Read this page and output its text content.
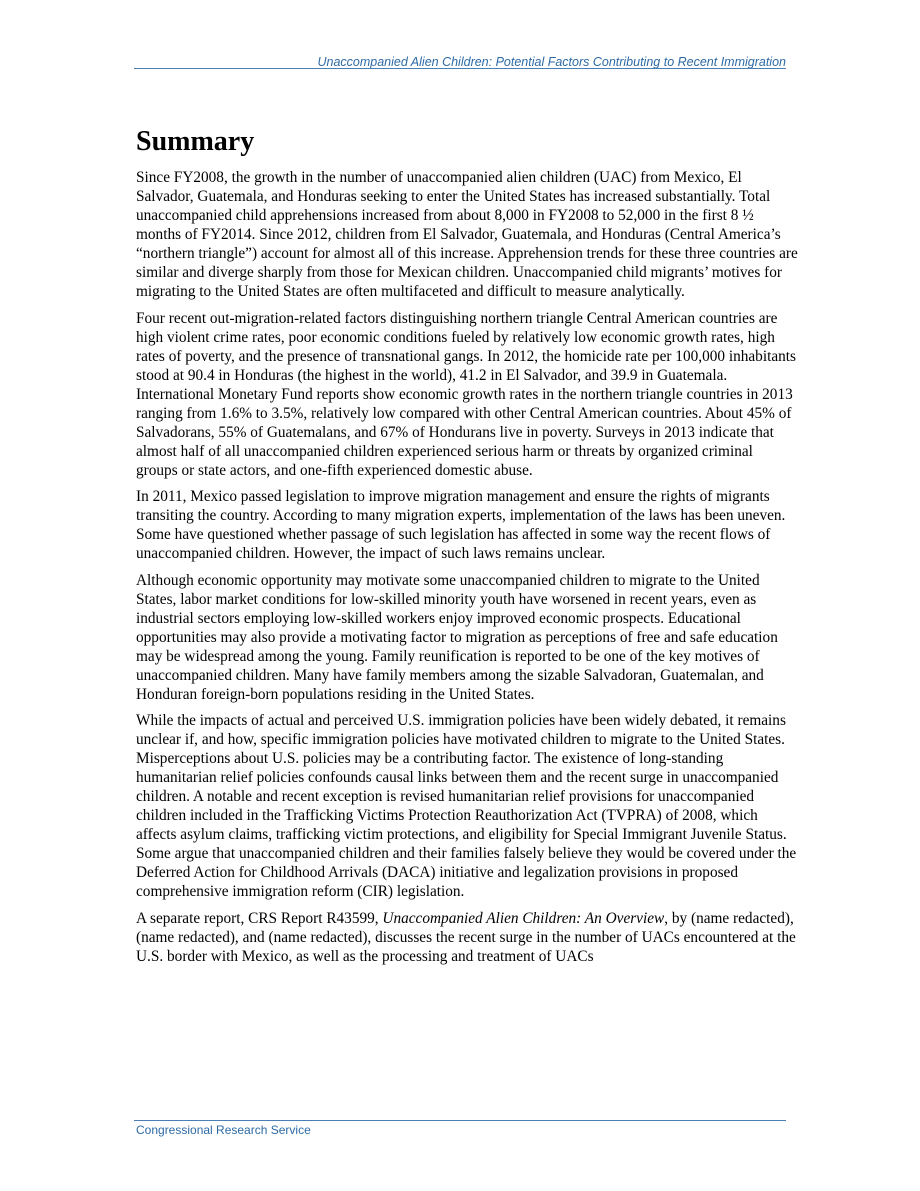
Unaccompanied Alien Children: Potential Factors Contributing to Recent Immigration
Summary

Since FY2008, the growth in the number of unaccompanied alien children (UAC) from Mexico, El Salvador, Guatemala, and Honduras seeking to enter the United States has increased substantially. Total unaccompanied child apprehensions increased from about 8,000 in FY2008 to 52,000 in the first 8 ½ months of FY2014. Since 2012, children from El Salvador, Guatemala, and Honduras (Central America’s “northern triangle”) account for almost all of this increase. Apprehension trends for these three countries are similar and diverge sharply from those for Mexican children. Unaccompanied child migrants’ motives for migrating to the United States are often multifaceted and difficult to measure analytically.

Four recent out-migration-related factors distinguishing northern triangle Central American countries are high violent crime rates, poor economic conditions fueled by relatively low economic growth rates, high rates of poverty, and the presence of transnational gangs. In 2012, the homicide rate per 100,000 inhabitants stood at 90.4 in Honduras (the highest in the world), 41.2 in El Salvador, and 39.9 in Guatemala. International Monetary Fund reports show economic growth rates in the northern triangle countries in 2013 ranging from 1.6% to 3.5%, relatively low compared with other Central American countries. About 45% of Salvadorans, 55% of Guatemalans, and 67% of Hondurans live in poverty. Surveys in 2013 indicate that almost half of all unaccompanied children experienced serious harm or threats by organized criminal groups or state actors, and one-fifth experienced domestic abuse.

In 2011, Mexico passed legislation to improve migration management and ensure the rights of migrants transiting the country. According to many migration experts, implementation of the laws has been uneven. Some have questioned whether passage of such legislation has affected in some way the recent flows of unaccompanied children. However, the impact of such laws remains unclear.

Although economic opportunity may motivate some unaccompanied children to migrate to the United States, labor market conditions for low-skilled minority youth have worsened in recent years, even as industrial sectors employing low-skilled workers enjoy improved economic prospects. Educational opportunities may also provide a motivating factor to migration as perceptions of free and safe education may be widespread among the young. Family reunification is reported to be one of the key motives of unaccompanied children. Many have family members among the sizable Salvadoran, Guatemalan, and Honduran foreign-born populations residing in the United States.

While the impacts of actual and perceived U.S. immigration policies have been widely debated, it remains unclear if, and how, specific immigration policies have motivated children to migrate to the United States. Misperceptions about U.S. policies may be a contributing factor. The existence of long-standing humanitarian relief policies confounds causal links between them and the recent surge in unaccompanied children. A notable and recent exception is revised humanitarian relief provisions for unaccompanied children included in the Trafficking Victims Protection Reauthorization Act (TVPRA) of 2008, which affects asylum claims, trafficking victim protections, and eligibility for Special Immigrant Juvenile Status. Some argue that unaccompanied children and their families falsely believe they would be covered under the Deferred Action for Childhood Arrivals (DACA) initiative and legalization provisions in proposed comprehensive immigration reform (CIR) legislation.

A separate report, CRS Report R43599, Unaccompanied Alien Children: An Overview, by (name redacted), (name redacted), and (name redacted), discusses the recent surge in the number of UACs encountered at the U.S. border with Mexico, as well as the processing and treatment of UACs

Congressional Research Service
